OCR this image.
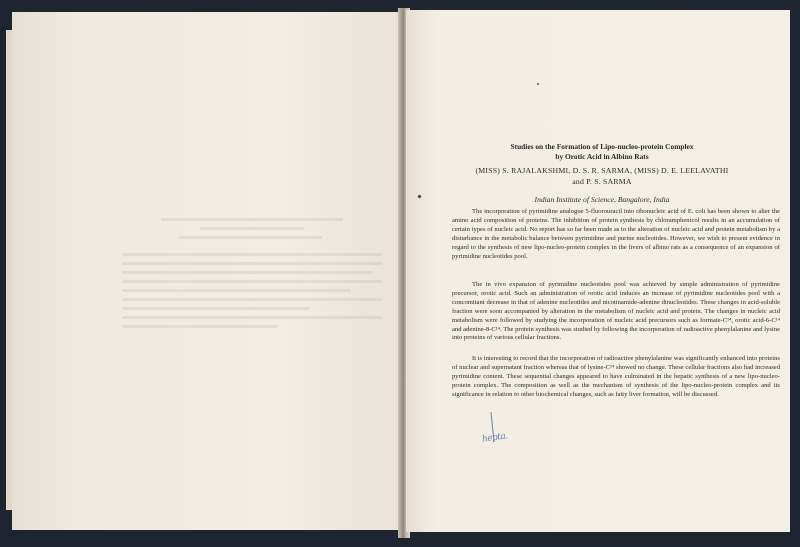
Studies on the Formation of Lipo-nucleo-protein Complex
by Orotic Acid in Albino Rats
(MISS) S. RAJALAKSHMI, D. S. R. SARMA, (MISS) D. E. LEELAVATHI
and P. S. SARMA
Indian Institute of Science, Bangalore, India
The incorporation of pyrimidine analogue 5-fluorouracil into ribonucleic acid of E. coli has been shown to alter the amino acid composition of proteins. The inhibition of protein synthesis by chloramphenicol results in an accumulation of certain types of nucleic acid. No report has so far been made as to the alteration of nucleic acid and protein metabolism by a disturbance in the metabolic balance between pyrimidine and purine nucleotides. However, we wish to present evidence in regard to the synthesis of new lipo-nucleo-protein complex in the livers of albino rats as a consequence of an expansion of pyrimidine nucleotides pool.
The in vivo expansion of pyrimidine nucleotides pool was achieved by simple administration of pyrimidine precursor, orotic acid. Such an administration of orotic acid induces an increase of pyrimidine nucleotides pool with a concomitant decrease in that of adenine nucleotides and nicotinamide-adenine dinucleotides. These changes in acid-soluble fraction were soon accompanied by alteration in the metabolism of nucleic acid and protein. The changes in nucleic acid metabolism were followed by studying the incorporation of nucleic acid precursors such as formate-C¹⁴, orotic acid-6-C¹⁴ and adenine-8-C¹⁴. The protein synthesis was studied by following the incorporation of radioactive phenylalanine and lysine into proteins of various cellular fractions.
It is interesting to record that the incorporation of radioactive phenylalanine was significantly enhanced into proteins of nuclear and supernatant fraction whereas that of lysine-C¹⁴ showed no change. These cellular fractions also had increased pyrimidine content. These sequential changes appeared to have culminated in the hepatic synthesis of a new lipo-nucleo-protein complex. The composition as well as the mechanism of synthesis of the lipo-nucleo-protein complex and its significance in relation to other biochemical changes, such as fatty liver formation, will be discussed.
hepta.
